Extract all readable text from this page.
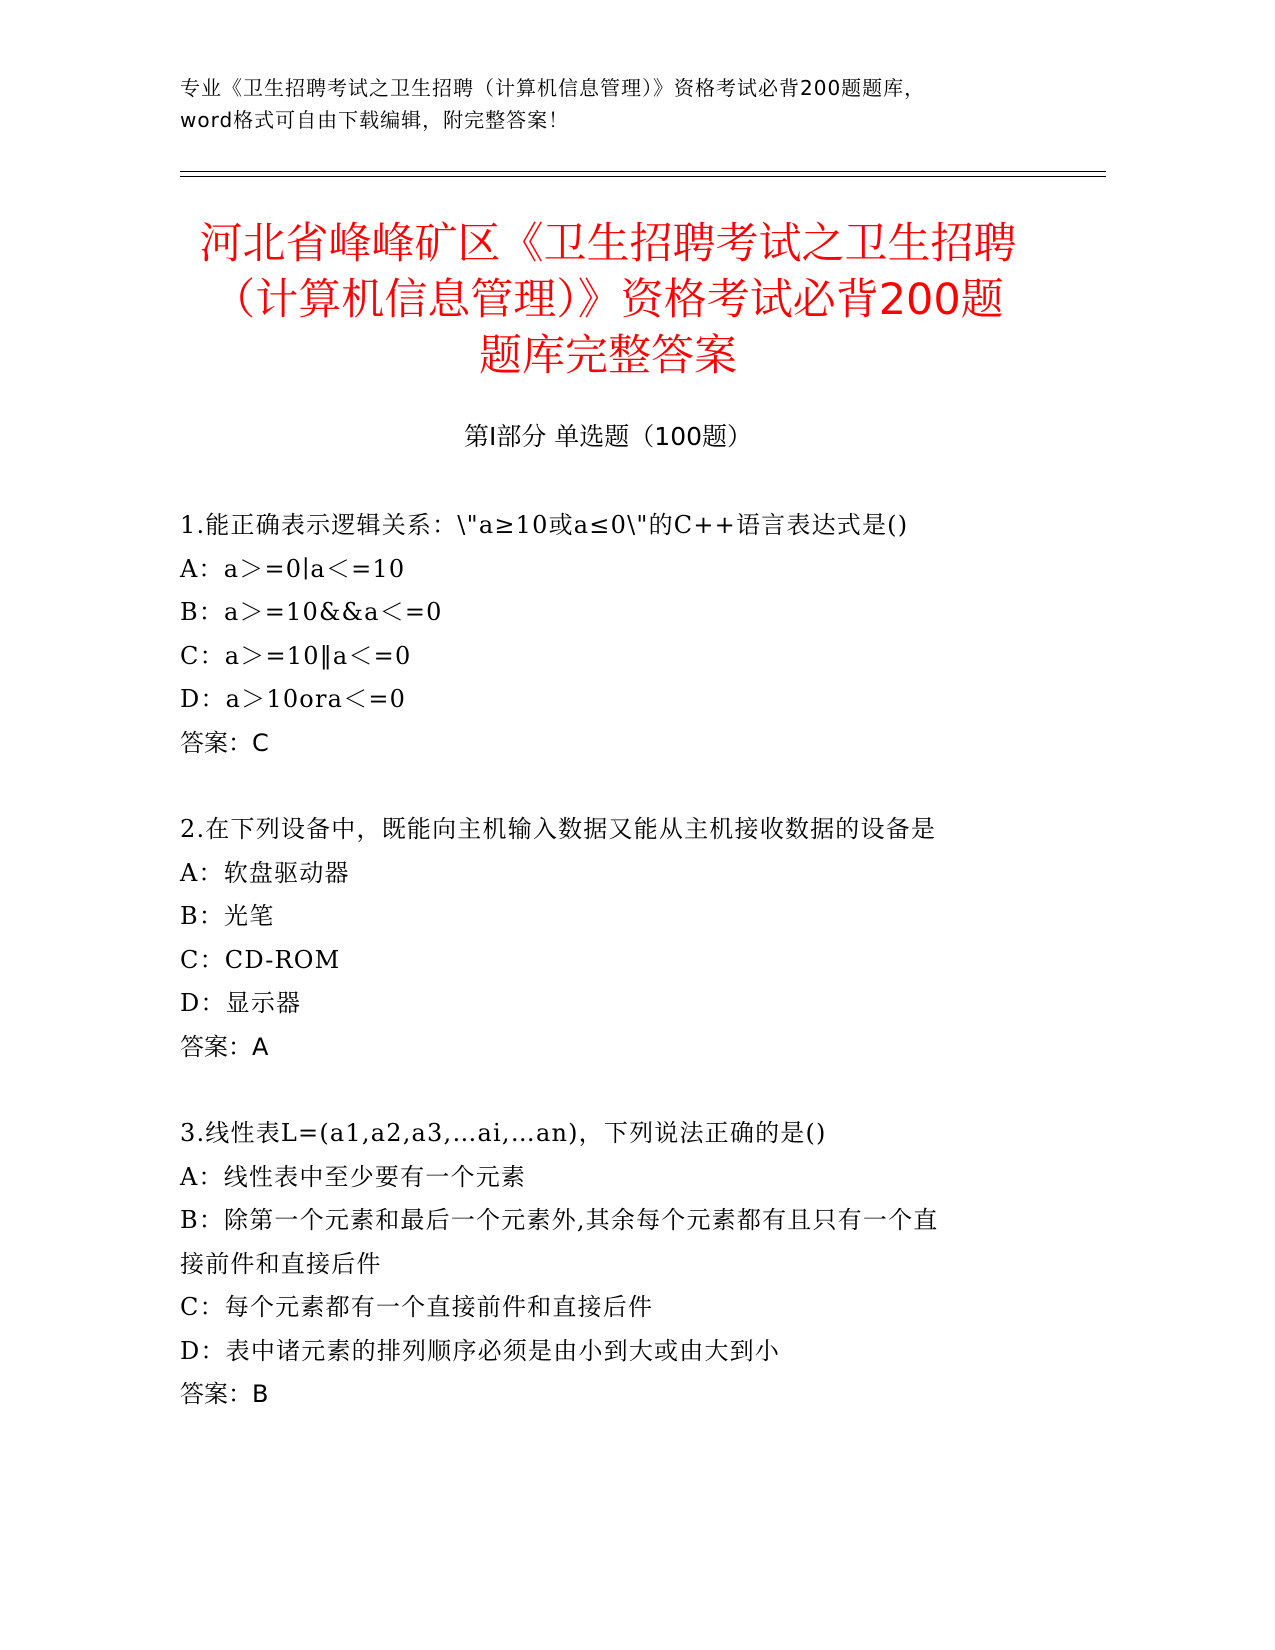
专业《卫生招聘考试之卫生招聘（计算机信息管理）》资格考试必背200题题库，
word格式可自由下载编辑，附完整答案！
河北省峰峰矿区《卫生招聘考试之卫生招聘
（计算机信息管理）》资格考试必背200题
题库完整答案
第Ⅰ部分 单选题（100题）
1.能正确表示逻辑关系：\"a≥10或a≤0\"的C++语言表达式是()
A：a＞=0∣a＜=10
B：a＞=10&&a＜=0
C：a＞=10‖a＜=0
D：a＞10ora＜=0
答案：C
2.在下列设备中，既能向主机输入数据又能从主机接收数据的设备是
A：软盘驱动器
B：光笔
C：CD-ROM
D：显示器
答案：A
3.线性表L=(a1,a2,a3,…ai,…an)，下列说法正确的是()
A：线性表中至少要有一个元素
B：除第一个元素和最后一个元素外,其余每个元素都有且只有一个直
接前件和直接后件
C：每个元素都有一个直接前件和直接后件
D：表中诸元素的排列顺序必须是由小到大或由大到小
答案：B
